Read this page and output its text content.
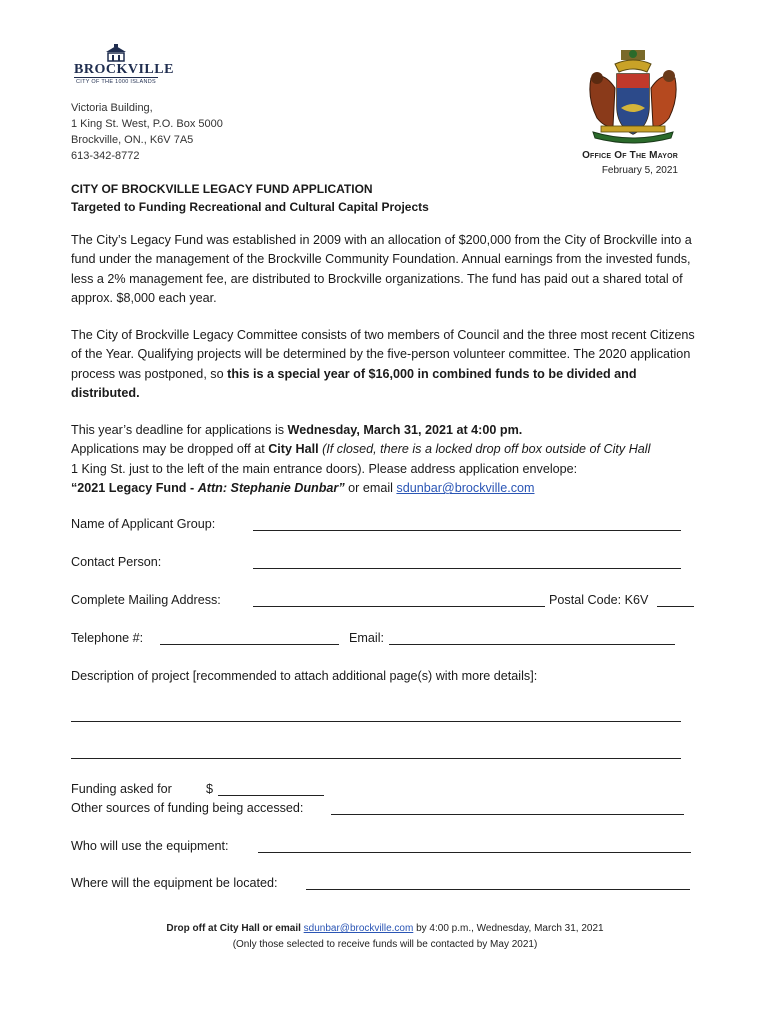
BROCKVILLE
CITY OF THE 1000 ISLANDS
Victoria Building,
1 King St. West, P.O. Box 5000
Brockville, ON., K6V 7A5
613-342-8772	Office Of The Mayor
February 5, 2021
CITY OF BROCKVILLE LEGACY FUND APPLICATION
Targeted to Funding Recreational and Cultural Capital Projects
The City’s Legacy Fund was established in 2009 with an allocation of $200,000 from the City of Brockville into a fund under the management of the Brockville Community Foundation. Annual earnings from the invested funds, less a 2% management fee, are distributed to Brockville organizations. The fund has paid out a shared total of approx. $8,000 each year.
The City of Brockville Legacy Committee consists of two members of Council and the three most recent Citizens of the Year. Qualifying projects will be determined by the five-person volunteer committee. The 2020 application process was postponed, so this is a special year of $16,000 in combined funds to be divided and distributed.
This year’s deadline for applications is Wednesday, March 31, 2021 at 4:00 pm.
Applications may be dropped off at City Hall (If closed, there is a locked drop off box outside of City Hall
1 King St. just to the left of the main entrance doors). Please address application envelope:
“2021 Legacy Fund - Attn: Stephanie Dunbar” or email sdunbar@brockville.com
Name of Applicant Group:
Contact Person:
Complete Mailing Address:	Postal Code: K6V
Telephone #:	Email:
Description of project [recommended to attach additional page(s) with more details]:
Funding asked for	$
Other sources of funding being accessed:
Who will use the equipment:
Where will the equipment be located:
Drop off at City Hall or email sdunbar@brockville.com by 4:00 p.m., Wednesday, March 31, 2021
(Only those selected to receive funds will be contacted by May 2021)
